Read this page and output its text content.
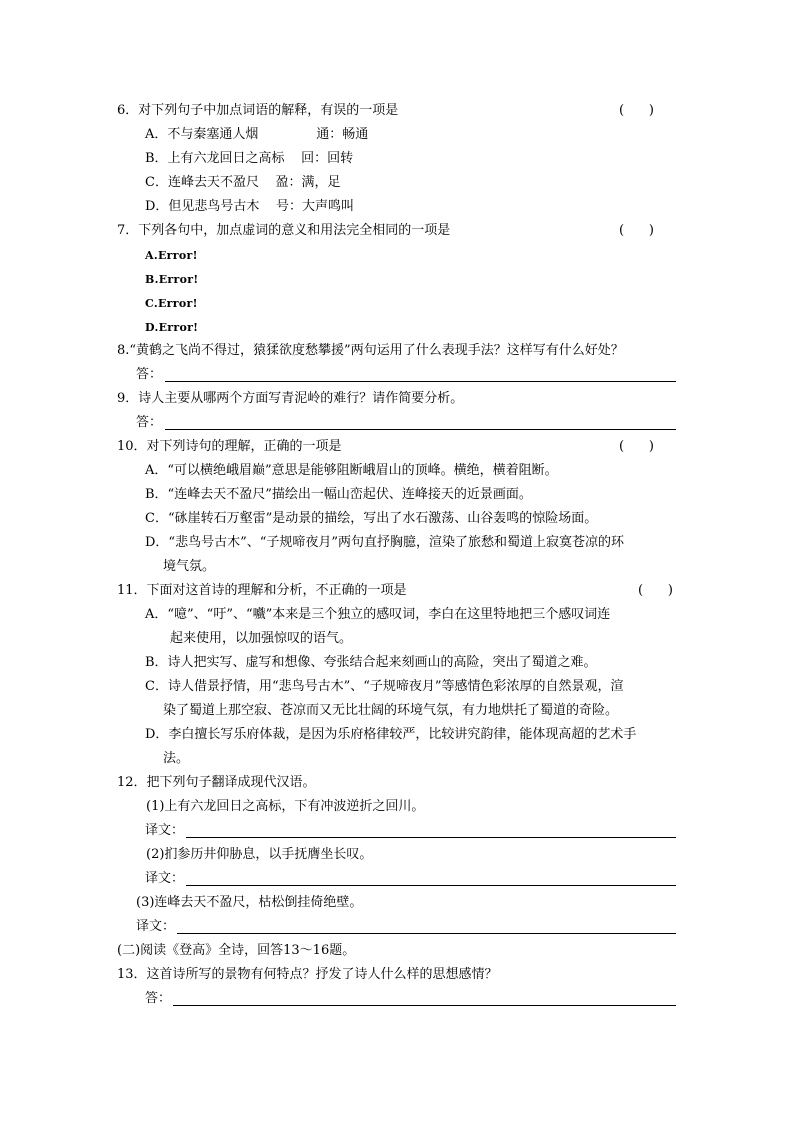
6．对下列句子中加点词语的解释，有误的一项是	(      )
A．不与秦塞通人烟              通：畅通
B．上有六龙回日之高标    回：回转
C．连峰去天不盈尺    盈：满，足
D．但见悲鸟号古木    号：大声鸣叫
7．下列各句中，加点虚词的意义和用法完全相同的一项是	(      )
A.Error!
B.Error!
C.Error!
D.Error!
8.“黄鹤之飞尚不得过，猿猱欲度愁攀援”两句运用了什么表现手法？这样写有什么好处？
答：
9．诗人主要从哪两个方面写青泥岭的难行？请作简要分析。
答：
10．对下列诗句的理解，正确的一项是	(      )
A．“可以横绝峨眉巅”意思是能够阻断峨眉山的顶峰。横绝，横着阻断。
B．“连峰去天不盈尺”描绘出一幅山峦起伏、连峰接天的近景画面。
C．“砯崖转石万壑雷”是动景的描绘，写出了水石激荡、山谷轰鸣的惊险场面。
D．“悲鸟号古木”、“子规啼夜月”两句直抒胸臆，渲染了旅愁和蜀道上寂寞苍凉的环
境气氛。
11．下面对这首诗的理解和分析，不正确的一项是	(      )
A．“噫”、“吁”、“嚱”本来是三个独立的感叹词，李白在这里特地把三个感叹词连
起来使用，以加强惊叹的语气。
B．诗人把实写、虚写和想像、夸张结合起来刻画山的高险，突出了蜀道之难。
C．诗人借景抒情，用“悲鸟号古木”、“子规啼夜月”等感情色彩浓厚的自然景观，渲
染了蜀道上那空寂、苍凉而又无比壮阔的环境气氛，有力地烘托了蜀道的奇险。
D．李白擅长写乐府体裁，是因为乐府格律较严，比较讲究韵律，能体现高超的艺术手
法。
12．把下列句子翻译成现代汉语。
(1)上有六龙回日之高标，下有冲波逆折之回川。
译文：
(2)扪参历井仰胁息，以手抚膺坐长叹。
译文：
(3)连峰去天不盈尺，枯松倒挂倚绝壁。
译文：
(二)阅读《登高》全诗，回答13～16题。
13．这首诗所写的景物有何特点？抒发了诗人什么样的思想感情？
答：
